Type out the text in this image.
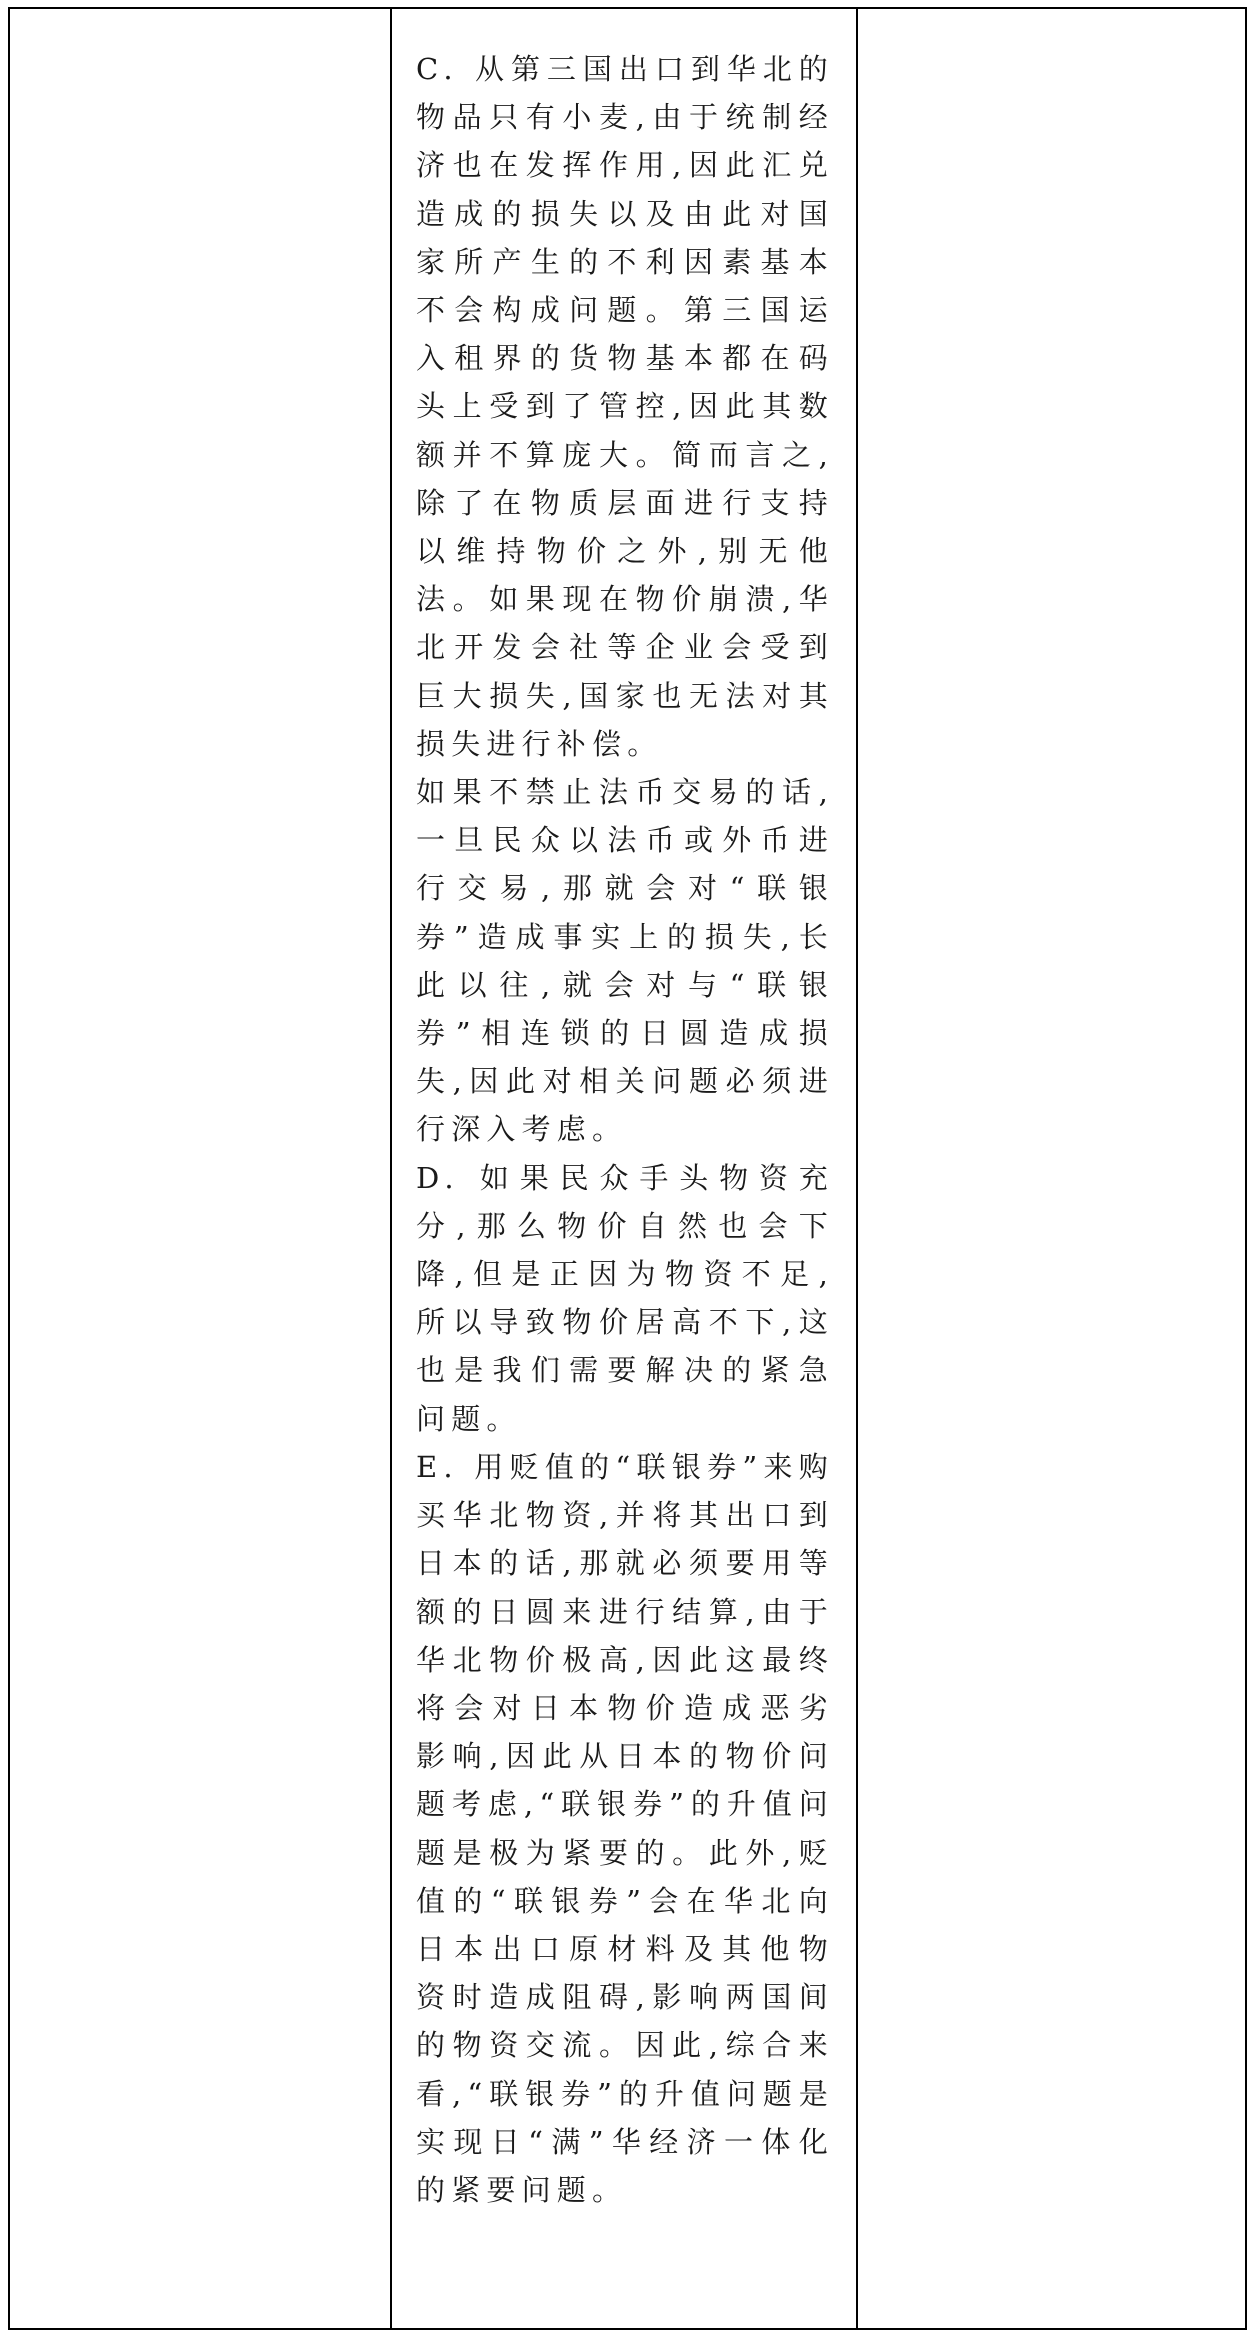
C. 从第三国出口到华北的物品只有小麦,由于统制经济也在发挥作用,因此汇兑造成的损失以及由此对国家所产生的不利因素基本不会构成问题。第三国运入租界的货物基本都在码头上受到了管控,因此其数额并不算庞大。简而言之,除了在物质层面进行支持以维持物价之外,别无他法。如果现在物价崩溃,华北开发会社等企业会受到巨大损失,国家也无法对其损失进行补偿。

如果不禁止法币交易的话,一旦民众以法币或外币进行交易,那就会对“联银券”造成事实上的损失,长此以往,就会对与“联银券”相连锁的日圆造成损失,因此对相关问题必须进行深入考虑。

D. 如果民众手头物资充分,那么物价自然也会下降,但是正因为物资不足,所以导致物价居高不下,这也是我们需要解决的紧急问题。

E. 用贬值的“联银券”来购买华北物资,并将其出口到日本的话,那就必须要用等额的日圆来进行结算,由于华北物价极高,因此这最终将会对日本物价造成恶劣影响,因此从日本的物价问题考虑,“联银券”的升值问题是极为紧要的。此外,贬值的“联银券”会在华北向日本出口原材料及其他物资时造成阻碍,影响两国间的物资交流。因此,综合来看,“联银券”的升值问题是实现日“满”华经济一体化的紧要问题。
